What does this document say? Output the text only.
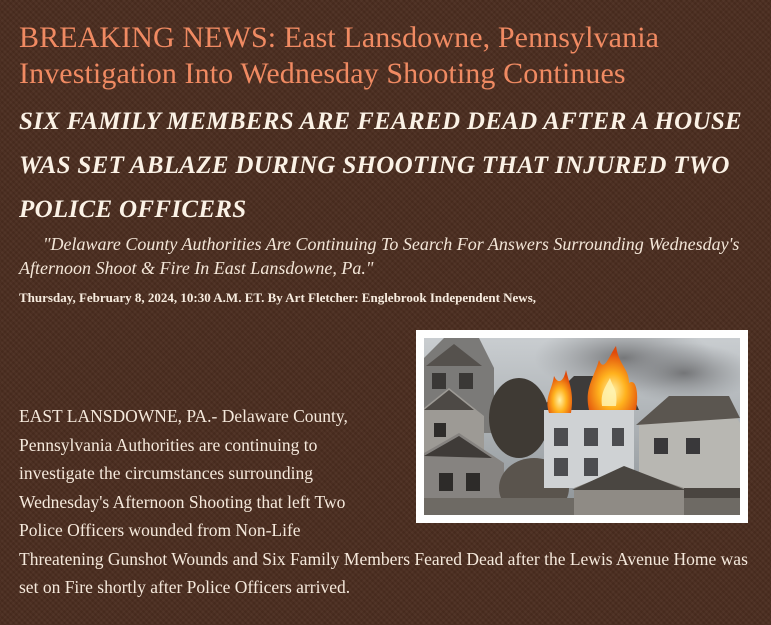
BREAKING NEWS: East Lansdowne, Pennsylvania Investigation Into Wednesday Shooting Continues
SIX FAMILY MEMBERS ARE FEARED DEAD AFTER A HOUSE WAS SET ABLAZE DURING SHOOTING THAT INJURED TWO POLICE OFFICERS

"Delaware County Authorities Are Continuing To Search For Answers Surrounding Wednesday's Afternoon Shoot & Fire In East Lansdowne, Pa."

Thursday, February 8, 2024, 10:30 A.M. ET. By Art Fletcher: Englebrook Independent News,

EAST LANSDOWNE, PA.- Delaware County, Pennsylvania Authorities are continuing to investigate the circumstances surrounding Wednesday's Afternoon Shooting that left Two Police Officers wounded from Non-Life Threatening Gunshot Wounds and Six Family Members Feared Dead after the Lewis Avenue Home was set on Fire shortly after Police Officers arrived.
